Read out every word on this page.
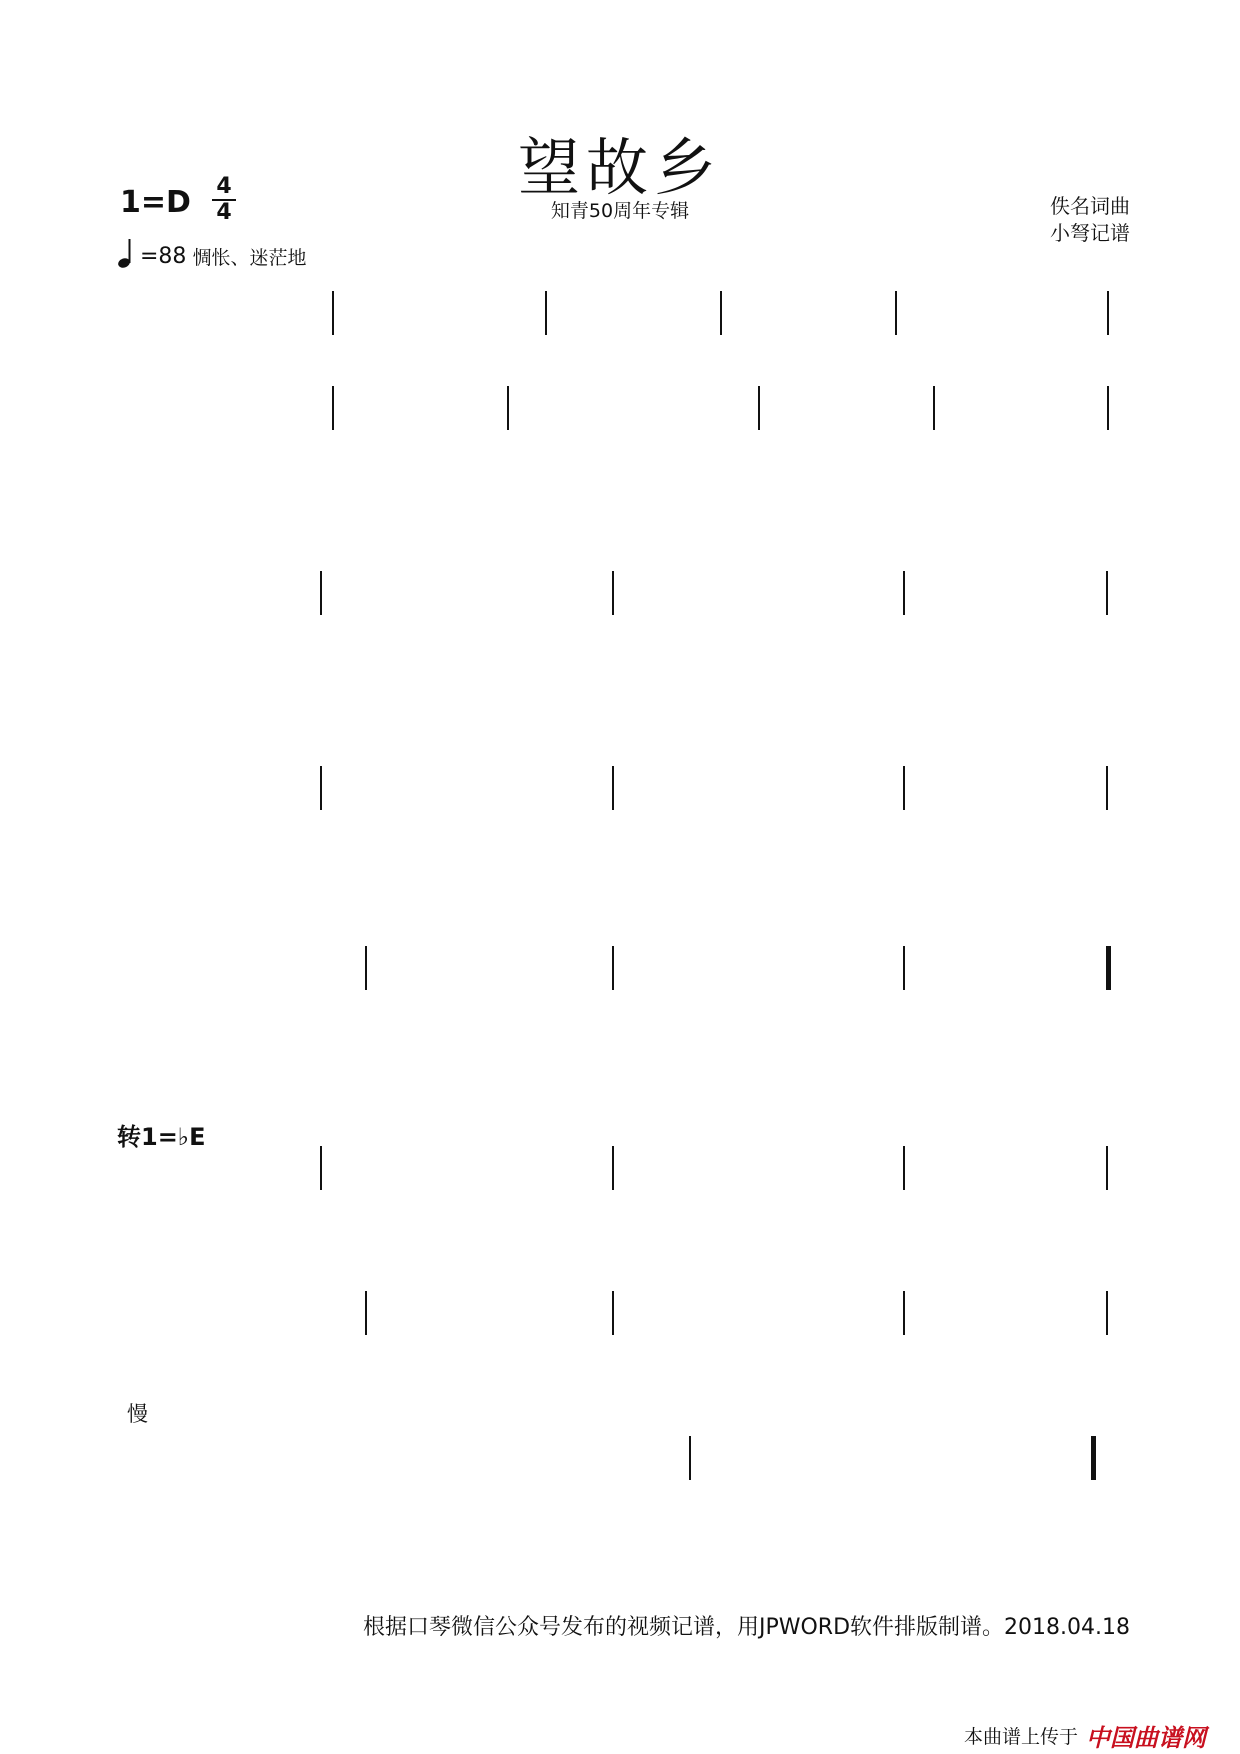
望故乡
知青50周年专辑
1=D 4
4
=88 惆怅、迷茫地
佚名词曲
小弩记谱
转1=♭E
慢
根据口琴微信公众号发布的视频记谱，用JPWORD软件排版制谱。2018.04.18
本曲谱上传于 中国曲谱网
